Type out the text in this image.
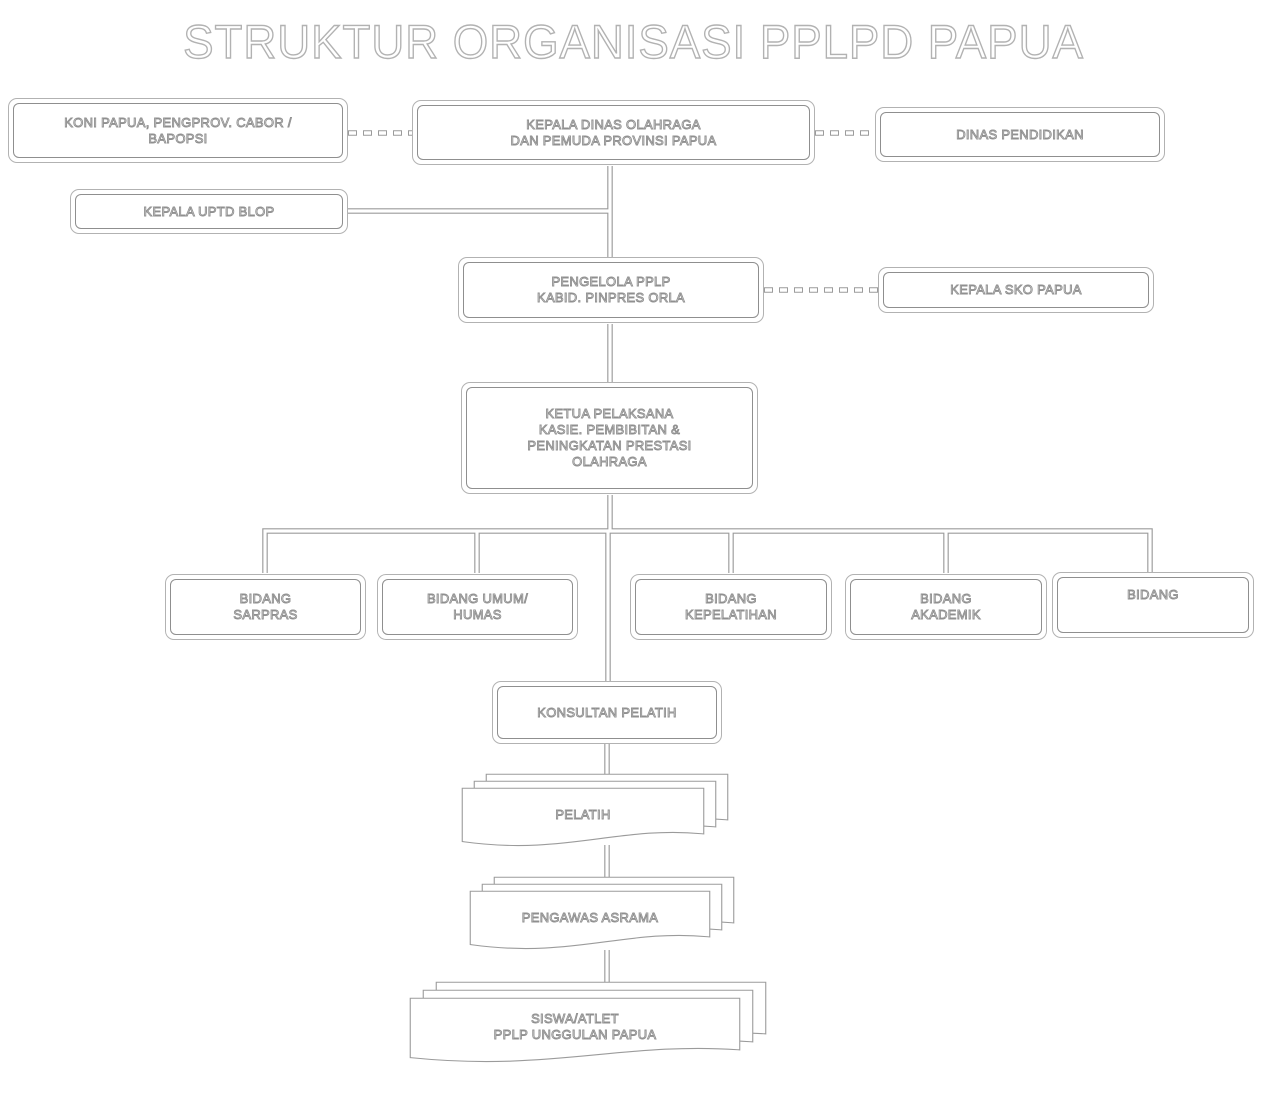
STRUKTUR ORGANISASI PPLPD PAPUA
KONI PAPUA, PENGPROV. CABOR /
BAPOPSI
KEPALA DINAS OLAHRAGA
DAN PEMUDA PROVINSI PAPUA	DINAS PENDIDIKAN
KEPALA UPTD BLOP
PENGELOLA PPLP
KABID. PINPRES ORLA
KEPALA SKO PAPUA
KETUA PELAKSANA
KASIE. PEMBIBITAN &
PENINGKATAN PRESTASI
OLAHRAGA
BIDANG
SARPRAS
BIDANG UMUM/
HUMAS
BIDANG
KEPELATIHAN
BIDANG
AKADEMIK
BIDANG
KONSULTAN PELATIH
PELATIH
PENGAWAS ASRAMA
SISWA/ATLET
PPLP UNGGULAN PAPUA
